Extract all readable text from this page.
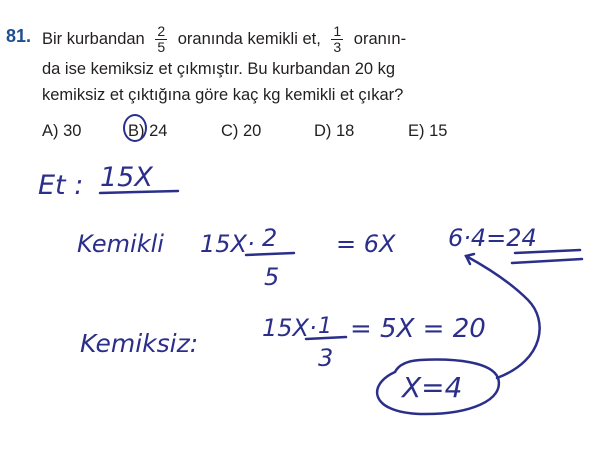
81. Bir kurbandan $\frac{2}{5}$ oranında kemikli et, $\frac{1}{3}$ oranın-
da ise kemiksiz et çıkmıştır. Bu kurbandan 20 kg
kemiksiz et çıktığına göre kaç kg kemikli et çıkar?
A) 30	B) 24	C) 20	D) 18	E) 15
Et : 15X
Kemikli 15X· 2
5
= 6X 6·4=24
Kemiksiz:
15X· 1
3
= 5X = 20
X=4
